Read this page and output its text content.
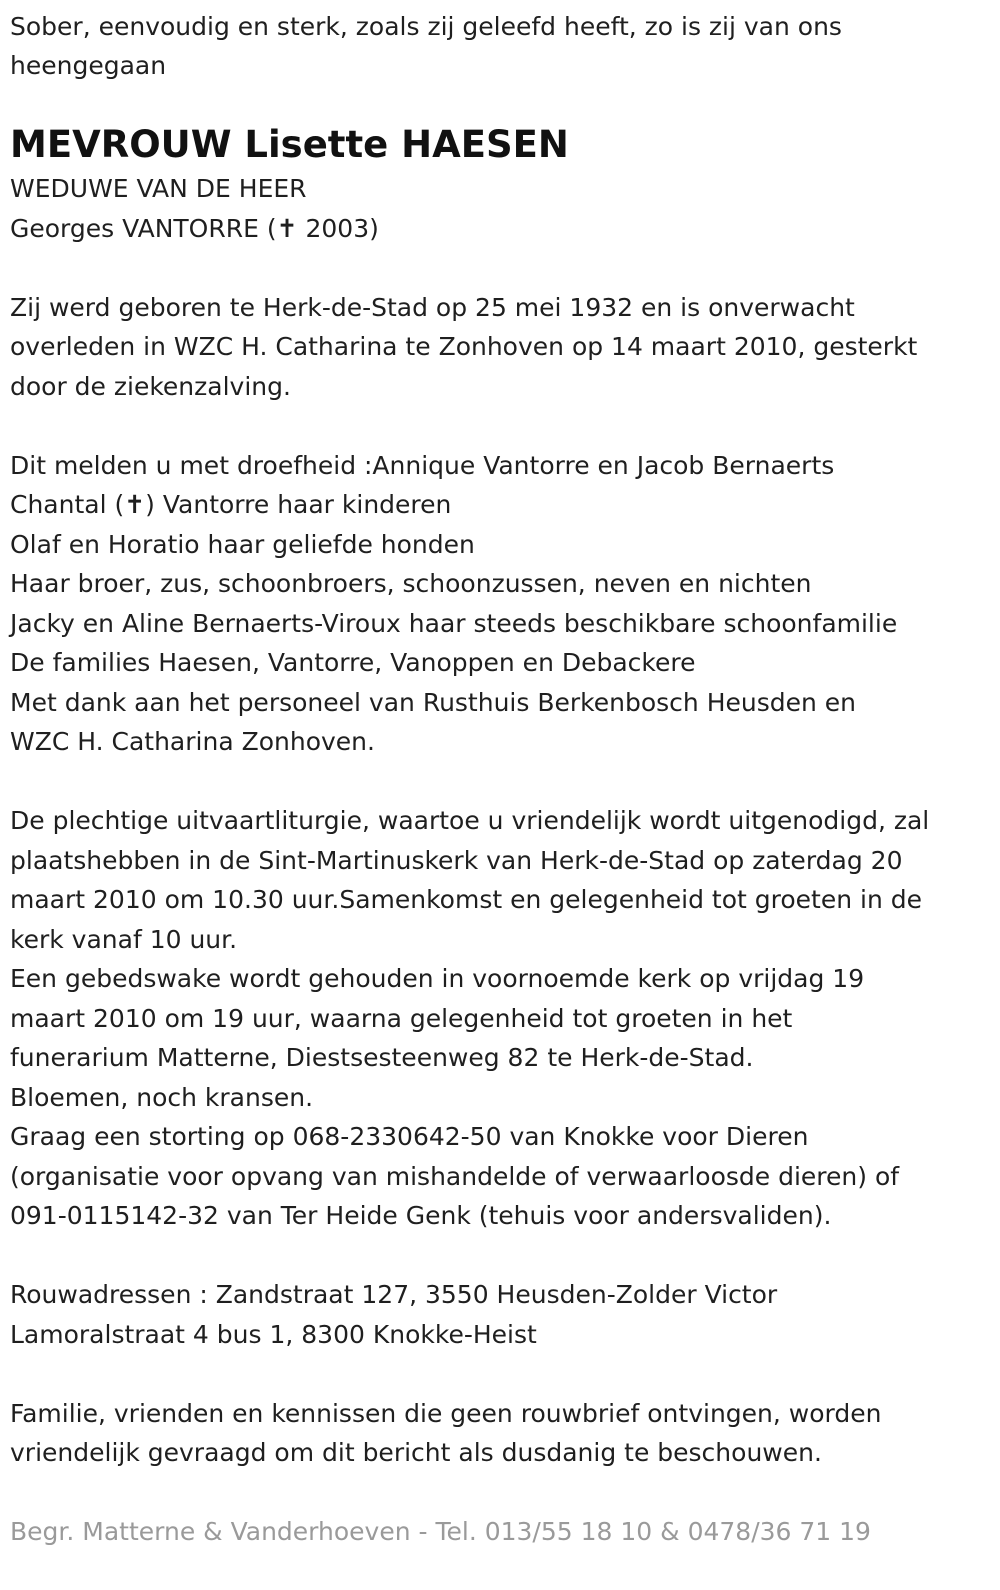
Sober, eenvoudig en sterk, zoals zij geleefd heeft, zo is zij van ons

heengegaan

MEVROUW Lisette HAESEN

WEDUWE VAN DE HEER

Georges VANTORRE (✝ 2003)

Zij werd geboren te Herk-de-Stad op 25 mei 1932 en is onverwacht

overleden in WZC H. Catharina te Zonhoven op 14 maart 2010, gesterkt

door de ziekenzalving.

Dit melden u met droefheid :Annique Vantorre en Jacob Bernaerts

Chantal (✝) Vantorre haar kinderen

Olaf en Horatio haar geliefde honden

Haar broer, zus, schoonbroers, schoonzussen, neven en nichten

Jacky en Aline Bernaerts-Viroux haar steeds beschikbare schoonfamilie

De families Haesen, Vantorre, Vanoppen en Debackere

Met dank aan het personeel van Rusthuis Berkenbosch Heusden en

WZC H. Catharina Zonhoven.

De plechtige uitvaartliturgie, waartoe u vriendelijk wordt uitgenodigd, zal

plaatshebben in de Sint-Martinuskerk van Herk-de-Stad op zaterdag 20

maart 2010 om 10.30 uur.Samenkomst en gelegenheid tot groeten in de

kerk vanaf 10 uur.

Een gebedswake wordt gehouden in voornoemde kerk op vrijdag 19

maart 2010 om 19 uur, waarna gelegenheid tot groeten in het

funerarium Matterne, Diestsesteenweg 82 te Herk-de-Stad.

Bloemen, noch kransen.

Graag een storting op 068-2330642-50 van Knokke voor Dieren

(organisatie voor opvang van mishandelde of verwaarloosde dieren) of

091-0115142-32 van Ter Heide Genk (tehuis voor andersvaliden).

Rouwadressen : Zandstraat 127, 3550 Heusden-Zolder Victor

Lamoralstraat 4 bus 1, 8300 Knokke-Heist

Familie, vrienden en kennissen die geen rouwbrief ontvingen, worden

vriendelijk gevraagd om dit bericht als dusdanig te beschouwen.

Begr. Matterne & Vanderhoeven - Tel. 013/55 18 10 & 0478/36 71 19
